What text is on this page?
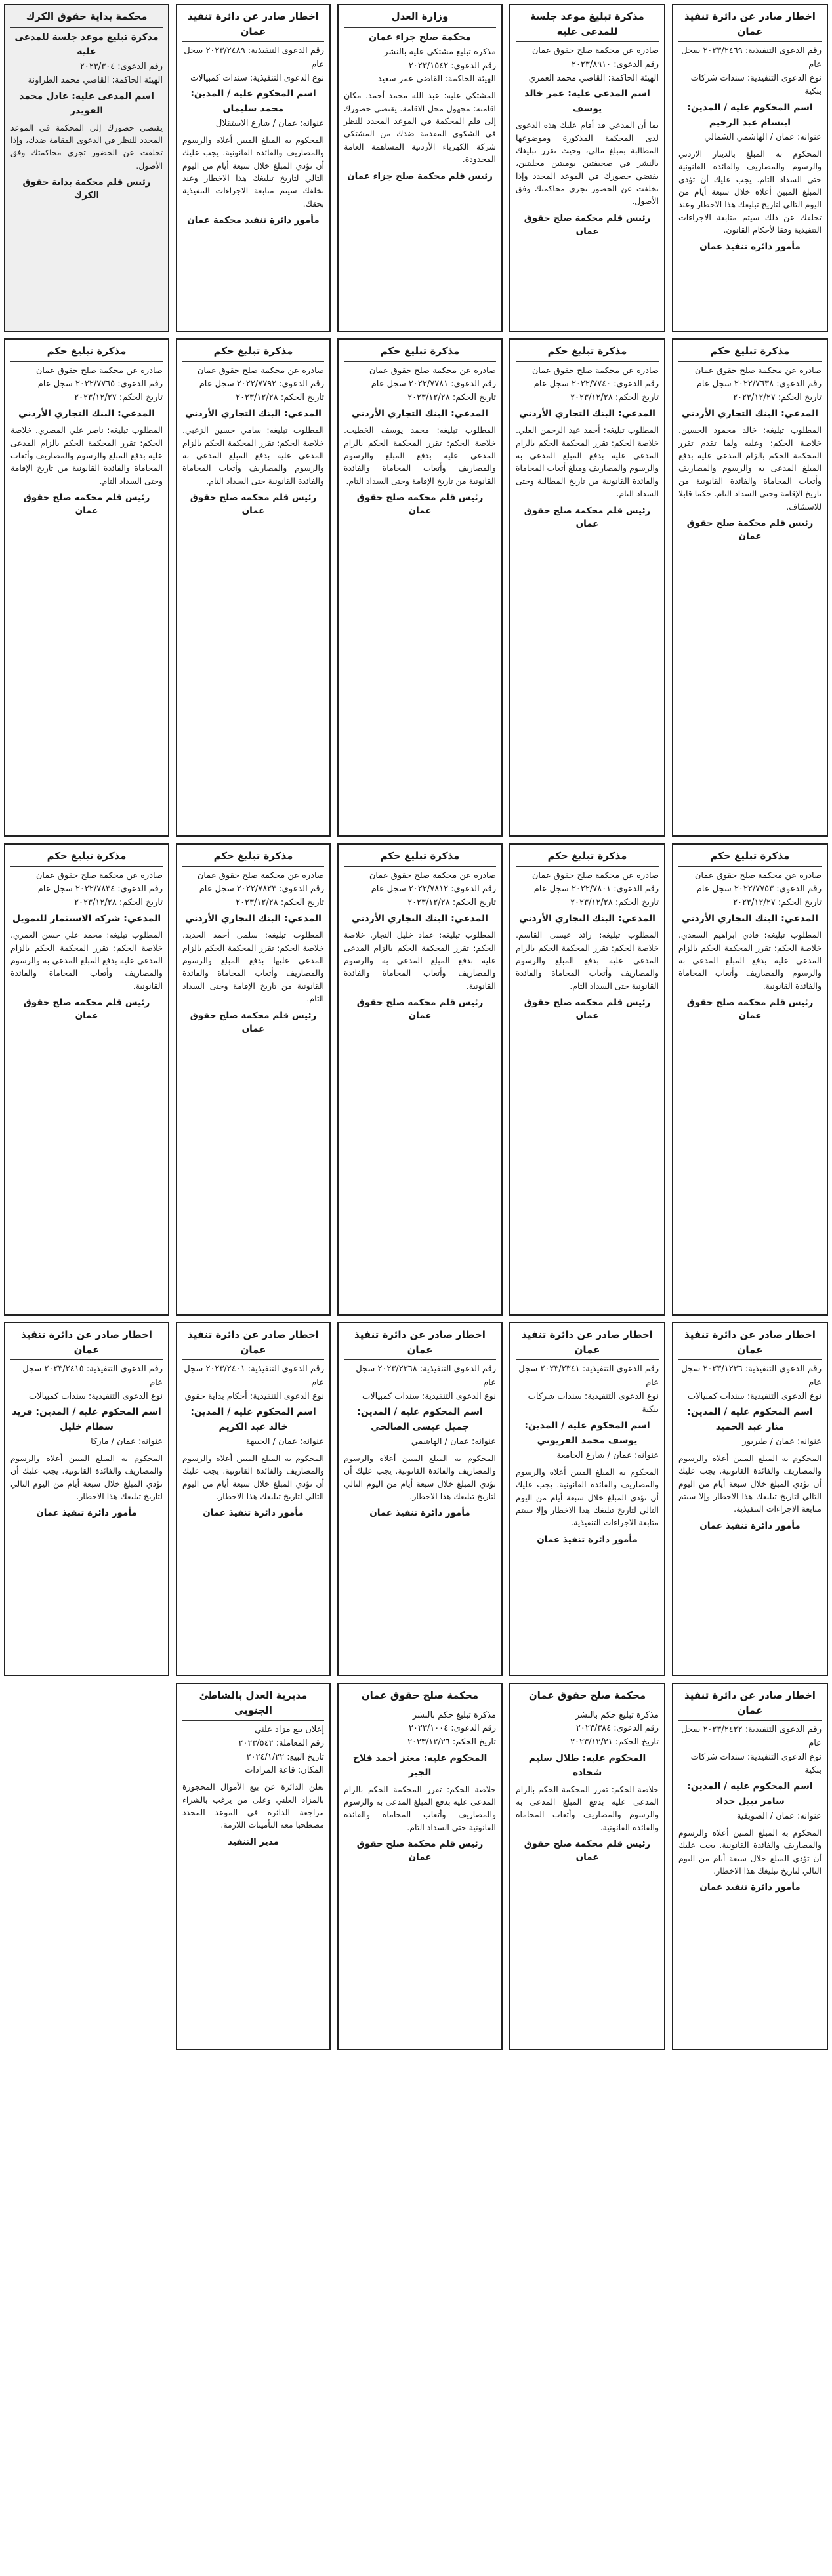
اخطار صادر عن دائرة تنفيذ عمان

رقم الدعوى التنفيذية: ٢٠٢٣/٢٤٦٩ سجل عام

نوع الدعوى التنفيذية: سندات شركات بنكية

اسم المحكوم عليه / المدين: ابتسام عبد الرحيم

عنوانه: عمان / الهاشمي الشمالي

المحكوم به المبلغ بالدينار الاردني والرسوم والمصاريف والفائدة القانونية حتى السداد التام. يجب عليك أن تؤدي المبلغ المبين أعلاه خلال سبعة أيام من اليوم التالي لتاريخ تبليغك هذا الاخطار وعند تخلفك عن ذلك سيتم متابعة الاجراءات التنفيذية وفقا لأحكام القانون.

مأمور دائرة تنفيذ عمان

مذكرة تبليغ موعد جلسة للمدعى عليه

صادرة عن محكمة صلح حقوق عمان

رقم الدعوى: ٢٠٢٣/٨٩١٠

الهيئة الحاكمة: القاضي محمد العمري

اسم المدعى عليه: عمر خالد يوسف

بما أن المدعي قد أقام عليك هذه الدعوى لدى المحكمة المذكورة وموضوعها المطالبة بمبلغ مالي، وحيث تقرر تبليغك بالنشر في صحيفتين يوميتين محليتين، يقتضي حضورك في الموعد المحدد وإذا تخلفت عن الحضور تجري محاكمتك وفق الأصول.

رئيس قلم محكمة صلح حقوق عمان

وزارة العدل

محكمة صلح جزاء عمان

مذكرة تبليغ مشتكى عليه بالنشر

رقم الدعوى: ٢٠٢٣/١٥٤٢

الهيئة الحاكمة: القاضي عمر سعيد

المشتكى عليه: عبد الله محمد أحمد. مكان اقامته: مجهول محل الاقامة. يقتضي حضورك إلى قلم المحكمة في الموعد المحدد للنظر في الشكوى المقدمة ضدك من المشتكي شركة الكهرباء الأردنية المساهمة العامة المحدودة.

رئيس قلم محكمة صلح جزاء عمان

اخطار صادر عن دائرة تنفيذ عمان

رقم الدعوى التنفيذية: ٢٠٢٣/٢٤٨٩ سجل عام

نوع الدعوى التنفيذية: سندات كمبيالات

اسم المحكوم عليه / المدين: محمد سليمان

عنوانه: عمان / شارع الاستقلال

المحكوم به المبلغ المبين أعلاه والرسوم والمصاريف والفائدة القانونية. يجب عليك أن تؤدي المبلغ خلال سبعة أيام من اليوم التالي لتاريخ تبليغك هذا الاخطار وعند تخلفك سيتم متابعة الاجراءات التنفيذية بحقك.

مأمور دائرة تنفيذ محكمة عمان

محكمة بداية حقوق الكرك

مذكرة تبليغ موعد جلسة للمدعى عليه

رقم الدعوى: ٢٠٢٣/٣٠٤

الهيئة الحاكمة: القاضي محمد الطراونة

اسم المدعى عليه: عادل محمد القويدر

يقتضي حضورك إلى المحكمة في الموعد المحدد للنظر في الدعوى المقامة ضدك، وإذا تخلفت عن الحضور تجري محاكمتك وفق الأصول.

رئيس قلم محكمة بداية حقوق الكرك

مذكرة تبليغ حكم

صادرة عن محكمة صلح حقوق عمان

رقم الدعوى: ٢٠٢٢/٧٦٣٨ سجل عام

تاريخ الحكم: ٢٠٢٣/١٢/٢٧

المدعي: البنك التجاري الأردني

المطلوب تبليغه: خالد محمود الحسين. خلاصة الحكم: وعليه ولما تقدم تقرر المحكمة الحكم بالزام المدعى عليه بدفع المبلغ المدعى به والرسوم والمصاريف وأتعاب المحاماة والفائدة القانونية من تاريخ الإقامة وحتى السداد التام. حكما قابلا للاستئناف.

رئيس قلم محكمة صلح حقوق عمان

مذكرة تبليغ حكم

صادرة عن محكمة صلح حقوق عمان

رقم الدعوى: ٢٠٢٢/٧٧٤٠ سجل عام

تاريخ الحكم: ٢٠٢٣/١٢/٢٨

المدعي: البنك التجاري الأردني

المطلوب تبليغه: أحمد عبد الرحمن العلي. خلاصة الحكم: تقرر المحكمة الحكم بالزام المدعى عليه بدفع المبلغ المدعى به والرسوم والمصاريف ومبلغ أتعاب المحاماة والفائدة القانونية من تاريخ المطالبة وحتى السداد التام.

رئيس قلم محكمة صلح حقوق عمان

مذكرة تبليغ حكم

صادرة عن محكمة صلح حقوق عمان

رقم الدعوى: ٢٠٢٢/٧٧٨١ سجل عام

تاريخ الحكم: ٢٠٢٣/١٢/٢٨

المدعي: البنك التجاري الأردني

المطلوب تبليغه: محمد يوسف الخطيب. خلاصة الحكم: تقرر المحكمة الحكم بالزام المدعى عليه بدفع المبلغ والرسوم والمصاريف وأتعاب المحاماة والفائدة القانونية من تاريخ الإقامة وحتى السداد التام.

رئيس قلم محكمة صلح حقوق عمان

مذكرة تبليغ حكم

صادرة عن محكمة صلح حقوق عمان

رقم الدعوى: ٢٠٢٢/٧٧٩٢ سجل عام

تاريخ الحكم: ٢٠٢٣/١٢/٢٨

المدعي: البنك التجاري الأردني

المطلوب تبليغه: سامي حسين الزعبي. خلاصة الحكم: تقرر المحكمة الحكم بالزام المدعى عليه بدفع المبلغ المدعى به والرسوم والمصاريف وأتعاب المحاماة والفائدة القانونية حتى السداد التام.

رئيس قلم محكمة صلح حقوق عمان

مذكرة تبليغ حكم

صادرة عن محكمة صلح حقوق عمان

رقم الدعوى: ٢٠٢٢/٧٧٦٥ سجل عام

تاريخ الحكم: ٢٠٢٣/١٢/٢٧

المدعي: البنك التجاري الأردني

المطلوب تبليغه: ناصر علي المصري. خلاصة الحكم: تقرر المحكمة الحكم بالزام المدعى عليه بدفع المبلغ والرسوم والمصاريف وأتعاب المحاماة والفائدة القانونية من تاريخ الإقامة وحتى السداد التام.

رئيس قلم محكمة صلح حقوق عمان

مذكرة تبليغ حكم

صادرة عن محكمة صلح حقوق عمان

رقم الدعوى: ٢٠٢٢/٧٧٥٣ سجل عام

تاريخ الحكم: ٢٠٢٣/١٢/٢٧

المدعي: البنك التجاري الأردني

المطلوب تبليغه: فادي ابراهيم السعدي. خلاصة الحكم: تقرر المحكمة الحكم بالزام المدعى عليه بدفع المبلغ المدعى به والرسوم والمصاريف وأتعاب المحاماة والفائدة القانونية.

رئيس قلم محكمة صلح حقوق عمان

مذكرة تبليغ حكم

صادرة عن محكمة صلح حقوق عمان

رقم الدعوى: ٢٠٢٢/٧٨٠١ سجل عام

تاريخ الحكم: ٢٠٢٣/١٢/٢٨

المدعي: البنك التجاري الأردني

المطلوب تبليغه: رائد عيسى القاسم. خلاصة الحكم: تقرر المحكمة الحكم بالزام المدعى عليه بدفع المبلغ والرسوم والمصاريف وأتعاب المحاماة والفائدة القانونية حتى السداد التام.

رئيس قلم محكمة صلح حقوق عمان

مذكرة تبليغ حكم

صادرة عن محكمة صلح حقوق عمان

رقم الدعوى: ٢٠٢٢/٧٨١٢ سجل عام

تاريخ الحكم: ٢٠٢٣/١٢/٢٨

المدعي: البنك التجاري الأردني

المطلوب تبليغه: عماد خليل النجار. خلاصة الحكم: تقرر المحكمة الحكم بالزام المدعى عليه بدفع المبلغ المدعى به والرسوم والمصاريف وأتعاب المحاماة والفائدة القانونية.

رئيس قلم محكمة صلح حقوق عمان

مذكرة تبليغ حكم

صادرة عن محكمة صلح حقوق عمان

رقم الدعوى: ٢٠٢٢/٧٨٢٣ سجل عام

تاريخ الحكم: ٢٠٢٣/١٢/٢٨

المدعي: البنك التجاري الأردني

المطلوب تبليغه: سلمى أحمد الحديد. خلاصة الحكم: تقرر المحكمة الحكم بالزام المدعى عليها بدفع المبلغ والرسوم والمصاريف وأتعاب المحاماة والفائدة القانونية من تاريخ الإقامة وحتى السداد التام.

رئيس قلم محكمة صلح حقوق عمان

مذكرة تبليغ حكم

صادرة عن محكمة صلح حقوق عمان

رقم الدعوى: ٢٠٢٢/٧٨٣٤ سجل عام

تاريخ الحكم: ٢٠٢٣/١٢/٢٨

المدعي: شركة الاستثمار للتمويل

المطلوب تبليغه: محمد علي حسن العمري. خلاصة الحكم: تقرر المحكمة الحكم بالزام المدعى عليه بدفع المبلغ المدعى به والرسوم والمصاريف وأتعاب المحاماة والفائدة القانونية.

رئيس قلم محكمة صلح حقوق عمان

اخطار صادر عن دائرة تنفيذ عمان

رقم الدعوى التنفيذية: ٢٠٢٣/١٢٣٦ سجل عام

نوع الدعوى التنفيذية: سندات كمبيالات

اسم المحكوم عليه / المدين: منار عبد الحميد

عنوانه: عمان / طبربور

المحكوم به المبلغ المبين أعلاه والرسوم والمصاريف والفائدة القانونية. يجب عليك أن تؤدي المبلغ خلال سبعة أيام من اليوم التالي لتاريخ تبليغك هذا الاخطار وإلا سيتم متابعة الاجراءات التنفيذية.

مأمور دائرة تنفيذ عمان

اخطار صادر عن دائرة تنفيذ عمان

رقم الدعوى التنفيذية: ٢٠٢٣/٢٣٤١ سجل عام

نوع الدعوى التنفيذية: سندات شركات بنكية

اسم المحكوم عليه / المدين: يوسف محمد القريوتي

عنوانه: عمان / شارع الجامعة

المحكوم به المبلغ المبين أعلاه والرسوم والمصاريف والفائدة القانونية. يجب عليك أن تؤدي المبلغ خلال سبعة أيام من اليوم التالي لتاريخ تبليغك هذا الاخطار وإلا سيتم متابعة الاجراءات التنفيذية.

مأمور دائرة تنفيذ عمان

اخطار صادر عن دائرة تنفيذ عمان

رقم الدعوى التنفيذية: ٢٠٢٣/٢٣٦٨ سجل عام

نوع الدعوى التنفيذية: سندات كمبيالات

اسم المحكوم عليه / المدين: جميل عيسى الصالحي

عنوانه: عمان / الهاشمي

المحكوم به المبلغ المبين أعلاه والرسوم والمصاريف والفائدة القانونية. يجب عليك أن تؤدي المبلغ خلال سبعة أيام من اليوم التالي لتاريخ تبليغك هذا الاخطار.

مأمور دائرة تنفيذ عمان

اخطار صادر عن دائرة تنفيذ عمان

رقم الدعوى التنفيذية: ٢٠٢٣/٢٤٠١ سجل عام

نوع الدعوى التنفيذية: أحكام بداية حقوق

اسم المحكوم عليه / المدين: خالد عبد الكريم

عنوانه: عمان / الجبيهة

المحكوم به المبلغ المبين أعلاه والرسوم والمصاريف والفائدة القانونية. يجب عليك أن تؤدي المبلغ خلال سبعة أيام من اليوم التالي لتاريخ تبليغك هذا الاخطار.

مأمور دائرة تنفيذ عمان

اخطار صادر عن دائرة تنفيذ عمان

رقم الدعوى التنفيذية: ٢٠٢٣/٢٤١٥ سجل عام

نوع الدعوى التنفيذية: سندات كمبيالات

اسم المحكوم عليه / المدين: فريد سطام خليل

عنوانه: عمان / ماركا

المحكوم به المبلغ المبين أعلاه والرسوم والمصاريف والفائدة القانونية. يجب عليك أن تؤدي المبلغ خلال سبعة أيام من اليوم التالي لتاريخ تبليغك هذا الاخطار.

مأمور دائرة تنفيذ عمان

اخطار صادر عن دائرة تنفيذ عمان

رقم الدعوى التنفيذية: ٢٠٢٣/٢٤٢٢ سجل عام

نوع الدعوى التنفيذية: سندات شركات بنكية

اسم المحكوم عليه / المدين: سامر نبيل حداد

عنوانه: عمان / الصويفية

المحكوم به المبلغ المبين أعلاه والرسوم والمصاريف والفائدة القانونية. يجب عليك أن تؤدي المبلغ خلال سبعة أيام من اليوم التالي لتاريخ تبليغك هذا الاخطار.

مأمور دائرة تنفيذ عمان

محكمة صلح حقوق عمان

مذكرة تبليغ حكم بالنشر

رقم الدعوى: ٢٠٢٣/٣٨٤

تاريخ الحكم: ٢٠٢٣/١٢/٢١

المحكوم عليه: طلال سليم شحادة

خلاصة الحكم: تقرر المحكمة الحكم بالزام المدعى عليه بدفع المبلغ المدعى به والرسوم والمصاريف وأتعاب المحاماة والفائدة القانونية.

رئيس قلم محكمة صلح حقوق عمان

محكمة صلح حقوق عمان

مذكرة تبليغ حكم بالنشر

رقم الدعوى: ٢٠٢٣/١٠٠٤

تاريخ الحكم: ٢٠٢٣/١٢/٢٦

المحكوم عليه: معتز أحمد فلاح الجبر

خلاصة الحكم: تقرر المحكمة الحكم بالزام المدعى عليه بدفع المبلغ المدعى به والرسوم والمصاريف وأتعاب المحاماة والفائدة القانونية حتى السداد التام.

رئيس قلم محكمة صلح حقوق عمان

مديرية العدل بالشاطئ الجنوبي

إعلان بيع مزاد علني

رقم المعاملة: ٢٠٢٣/٥٤٢

تاريخ البيع: ٢٠٢٤/١/٢٢

المكان: قاعة المزادات

تعلن الدائرة عن بيع الأموال المحجوزة بالمزاد العلني وعلى من يرغب بالشراء مراجعة الدائرة في الموعد المحدد مصطحبا معه التأمينات اللازمة.

مدير التنفيذ
